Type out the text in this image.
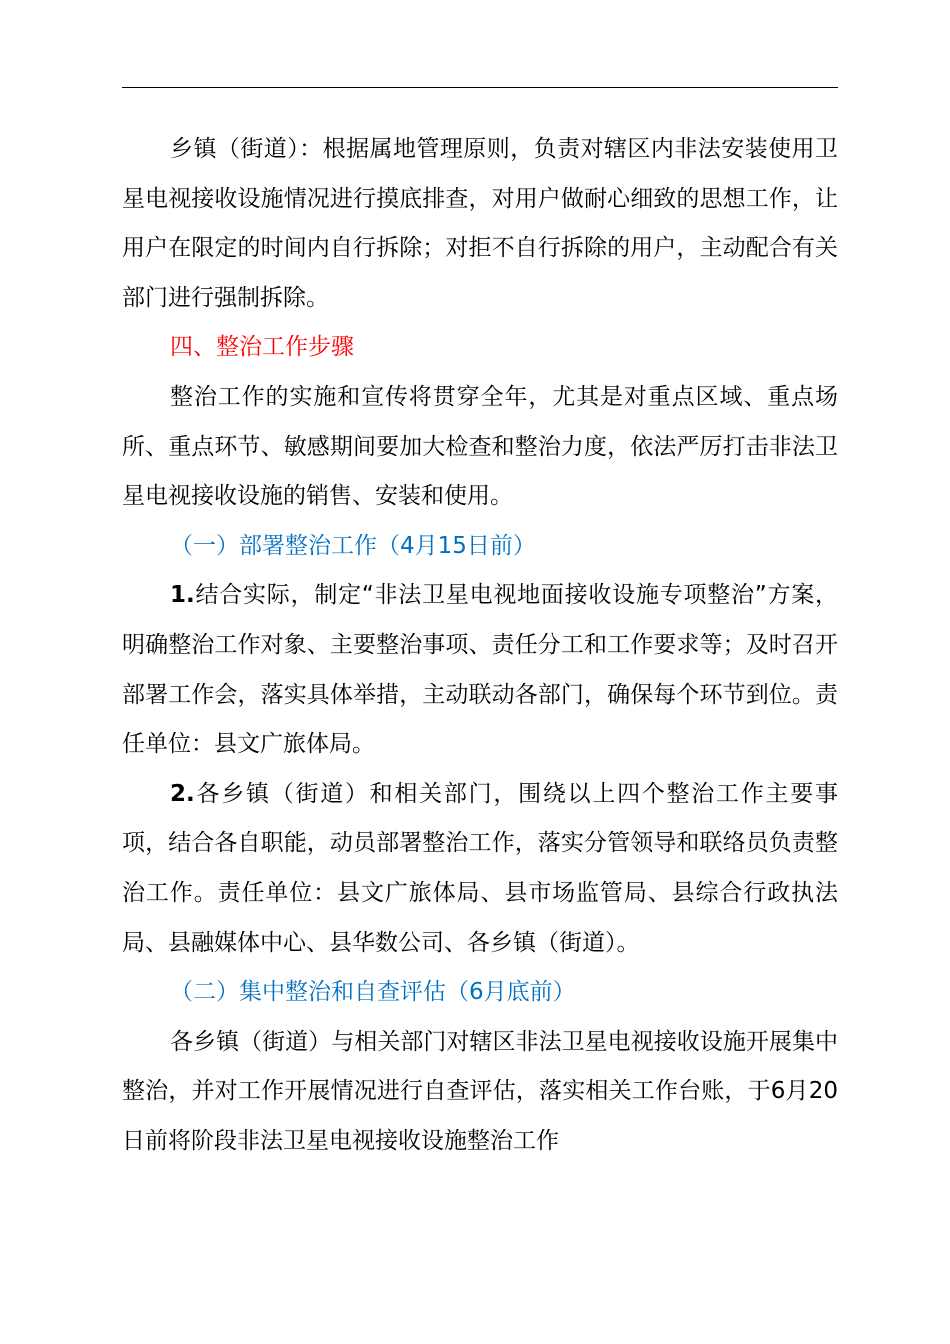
乡镇（街道）：根据属地管理原则，负责对辖区内非法安装使用卫星电视接收设施情况进行摸底排查，对用户做耐心细致的思想工作，让用户在限定的时间内自行拆除；对拒不自行拆除的用户，主动配合有关部门进行强制拆除。

四、整治工作步骤

整治工作的实施和宣传将贯穿全年，尤其是对重点区域、重点场所、重点环节、敏感期间要加大检查和整治力度，依法严厉打击非法卫星电视接收设施的销售、安装和使用。

（一）部署整治工作（4月15日前）

1.结合实际，制定“非法卫星电视地面接收设施专项整治”方案，明确整治工作对象、主要整治事项、责任分工和工作要求等；及时召开部署工作会，落实具体举措，主动联动各部门，确保每个环节到位。责任单位：县文广旅体局。

2.各乡镇（街道）和相关部门，围绕以上四个整治工作主要事项，结合各自职能，动员部署整治工作，落实分管领导和联络员负责整治工作。责任单位：县文广旅体局、县市场监管局、县综合行政执法局、县融媒体中心、县华数公司、各乡镇（街道）。

（二）集中整治和自查评估（6月底前）

各乡镇（街道）与相关部门对辖区非法卫星电视接收设施开展集中整治，并对工作开展情况进行自查评估，落实相关工作台账，于6月20日前将阶段非法卫星电视接收设施整治工作
